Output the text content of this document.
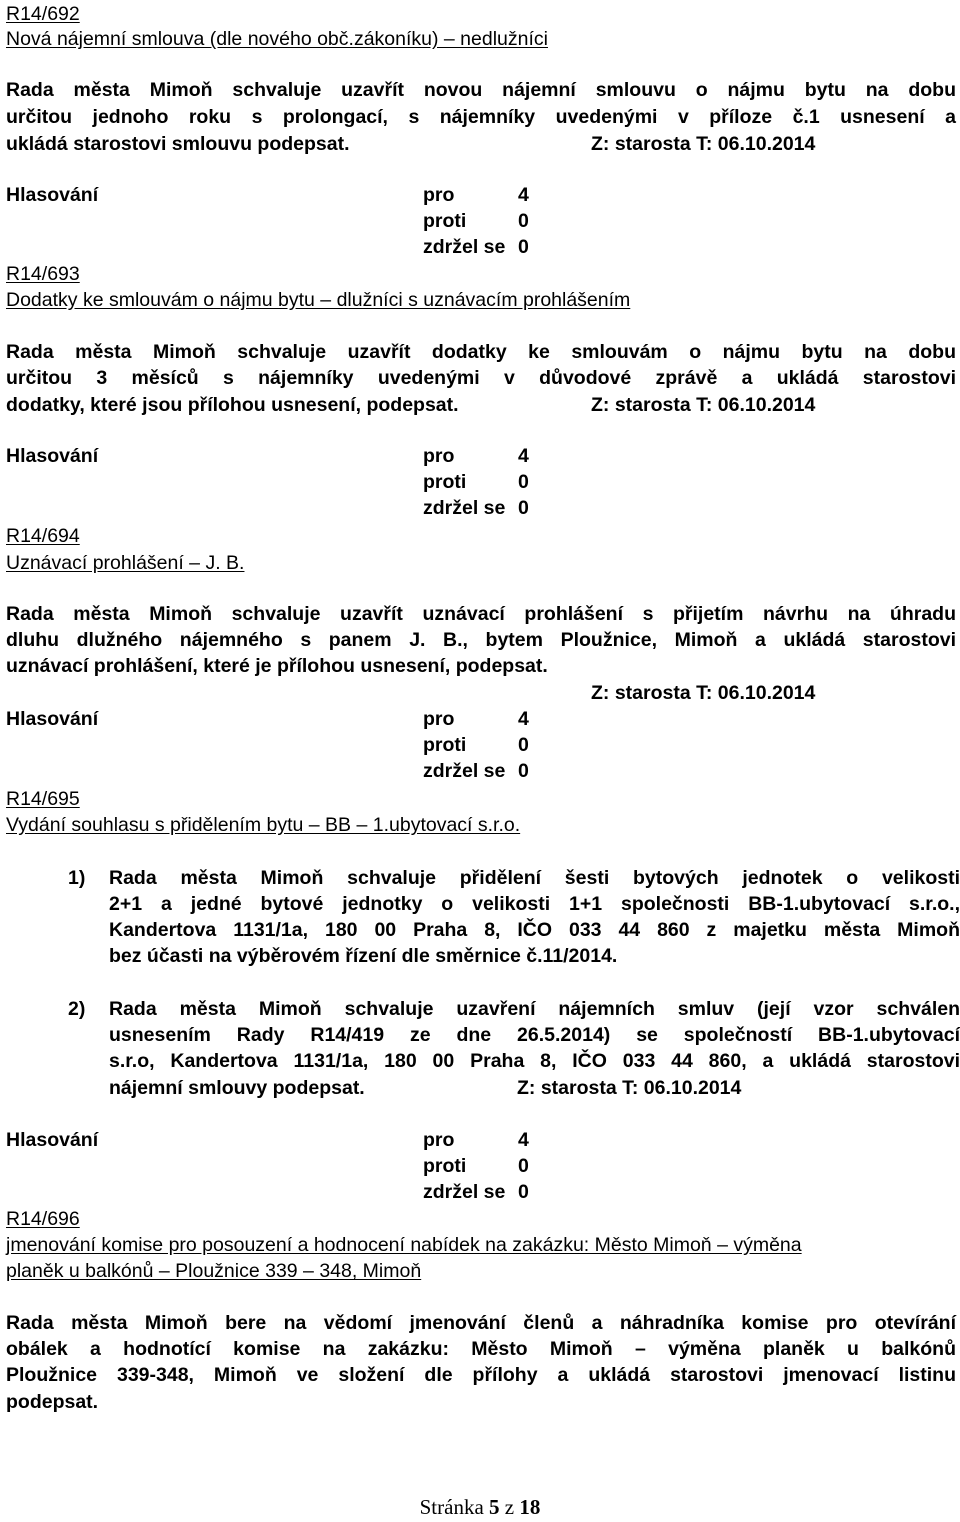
R14/692
Nová nájemní smlouva (dle nového obč.zákoníku) – nedlužníci
Rada města Mimoň schvaluje uzavřít novou nájemní smlouvu o nájmu bytu na dobu
určitou jednoho roku s prolongací, s nájemníky uvedenými v příloze č.1 usnesení a
ukládá starostovi smlouvu podepsat.	Z: starosta T: 06.10.2014
Hlasování	pro	4
proti	0
zdržel se 0
R14/693
Dodatky ke smlouvám o nájmu bytu – dlužníci s uznávacím prohlášením
Rada města Mimoň schvaluje uzavřít dodatky ke smlouvám o nájmu bytu na dobu
určitou 3 měsíců s nájemníky uvedenými v důvodové zprávě a ukládá starostovi
dodatky, které jsou přílohou usnesení, podepsat.	Z: starosta T: 06.10.2014
Hlasování	pro	4
proti	0
zdržel se 0
R14/694
Uznávací prohlášení – J. B.
Rada města Mimoň schvaluje uzavřít uznávací prohlášení s přijetím návrhu na úhradu
dluhu dlužného nájemného s panem J. B., bytem Ploužnice, Mimoň a ukládá starostovi
uznávací prohlášení, které je přílohou usnesení, podepsat.
Z: starosta T: 06.10.2014
Hlasování	pro	4
proti	0
zdržel se 0
R14/695
Vydání souhlasu s přidělením bytu – BB – 1.ubytovací s.r.o.
1) Rada města Mimoň schvaluje přidělení šesti bytových jednotek o velikosti
2+1 a jedné bytové jednotky o velikosti 1+1 společnosti BB-1.ubytovací s.r.o.,
Kandertova 1131/1a, 180 00 Praha 8, IČO 033 44 860 z majetku města Mimoň
bez účasti na výběrovém řízení dle směrnice č.11/2014.
2) Rada města Mimoň schvaluje uzavření nájemních smluv (její vzor schválen
usnesením Rady R14/419 ze dne 26.5.2014) se společností BB-1.ubytovací
s.r.o, Kandertova 1131/1a, 180 00 Praha 8, IČO 033 44 860, a ukládá starostovi
nájemní smlouvy podepsat.	Z: starosta T: 06.10.2014
Hlasování	pro	4
proti	0
zdržel se 0
R14/696
jmenování komise pro posouzení a hodnocení nabídek na zakázku: Město Mimoň – výměna
planěk u balkónů – Ploužnice 339 – 348, Mimoň
Rada města Mimoň bere na vědomí jmenování členů a náhradníka komise pro otevírání
obálek a hodnotící komise na zakázku: Město Mimoň – výměna planěk u balkónů
Ploužnice 339-348, Mimoň ve složení dle přílohy a ukládá starostovi jmenovací listinu
podepsat.
Stránka 5 z 18
